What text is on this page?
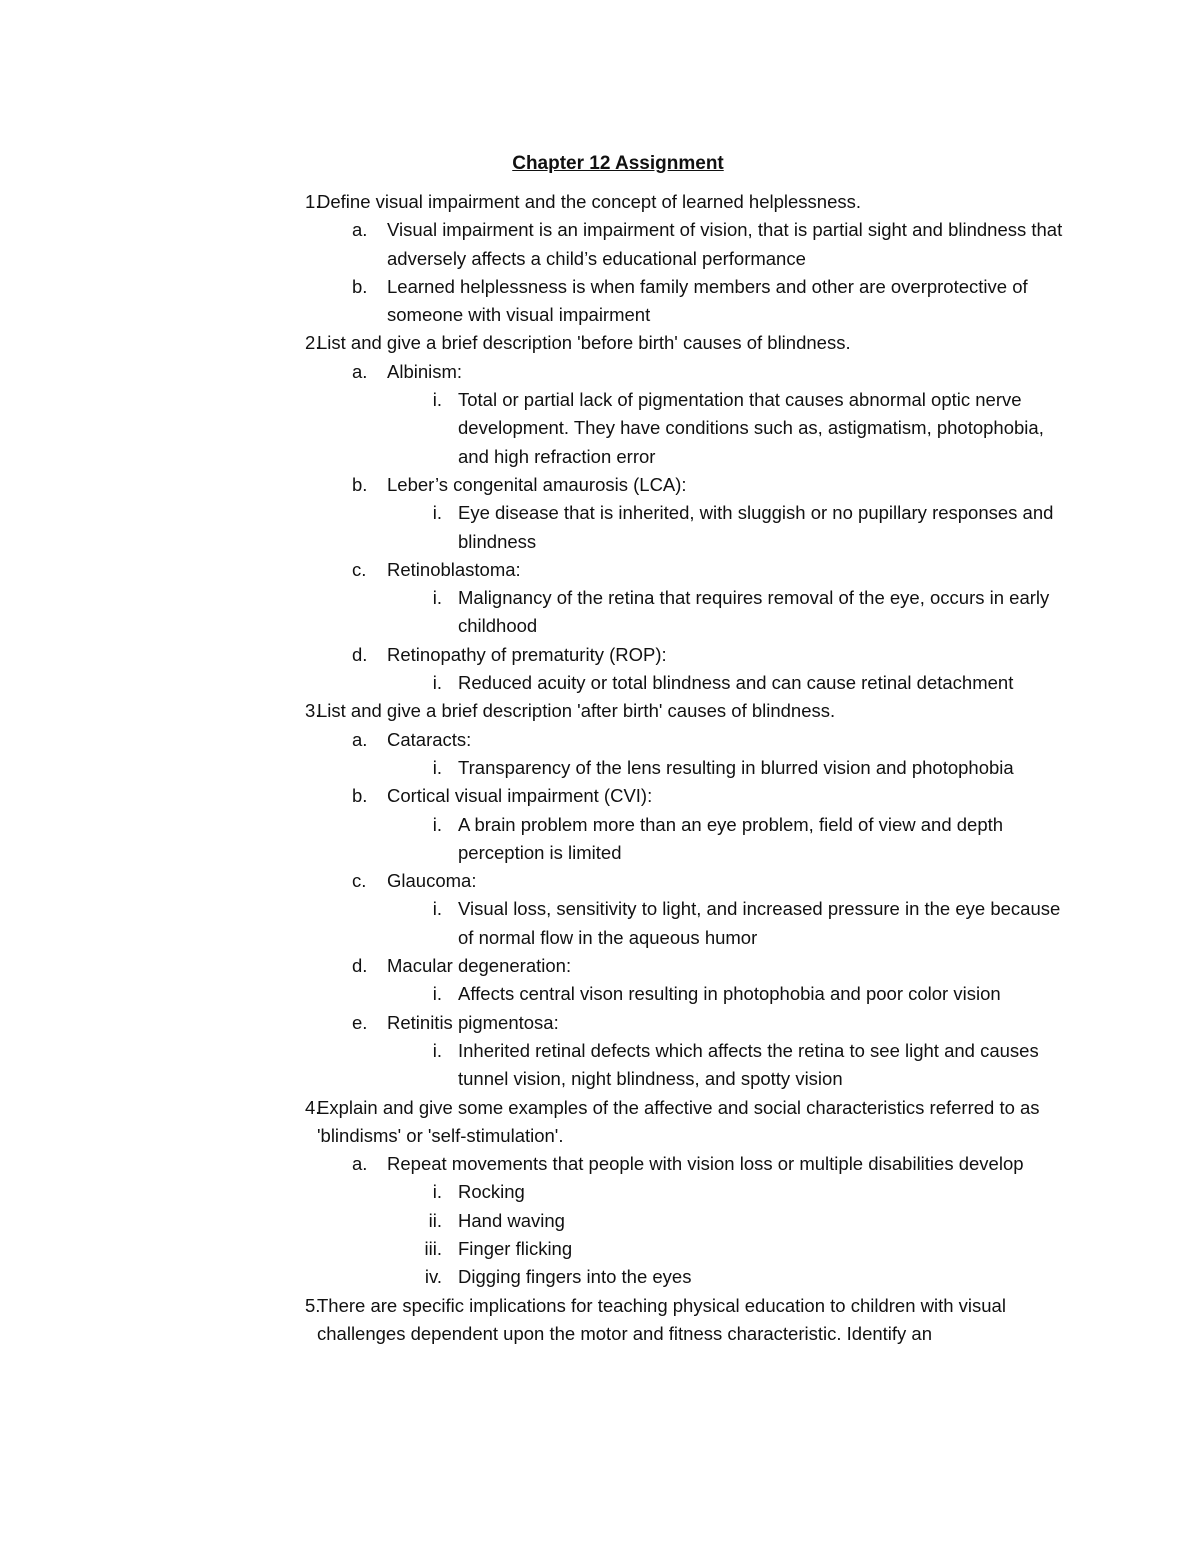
Chapter 12 Assignment
1.
Define visual impairment and the concept of learned helplessness.
a. Visual impairment is an impairment of vision, that is partial sight and blindness that adversely affects a child’s educational performance
b. Learned helplessness is when family members and other are overprotective of someone with visual impairment
2.
List and give a brief description 'before birth' causes of blindness.
a. Albinism:
i. Total or partial lack of pigmentation that causes abnormal optic nerve development. They have conditions such as, astigmatism, photophobia, and high refraction error
b. Leber’s congenital amaurosis (LCA):
i. Eye disease that is inherited, with sluggish or no pupillary responses and blindness
c. Retinoblastoma:
i. Malignancy of the retina that requires removal of the eye, occurs in early childhood
d. Retinopathy of prematurity (ROP):
i. Reduced acuity or total blindness and can cause retinal detachment
3.
List and give a brief description 'after birth' causes of blindness.
a. Cataracts:
i. Transparency of the lens resulting in blurred vision and photophobia
b. Cortical visual impairment (CVI):
i. A brain problem more than an eye problem, field of view and depth perception is limited
c. Glaucoma:
i. Visual loss, sensitivity to light, and increased pressure in the eye because of normal flow in the aqueous humor
d. Macular degeneration:
i. Affects central vison resulting in photophobia and poor color vision
e. Retinitis pigmentosa:
i. Inherited retinal defects which affects the retina to see light and causes tunnel vision, night blindness, and spotty vision
4.
Explain and give some examples of the affective and social characteristics referred to as 'blindisms' or 'self-stimulation'.
a. Repeat movements that people with vision loss or multiple disabilities develop
i. Rocking
ii. Hand waving
iii. Finger flicking
iv. Digging fingers into the eyes
5.
There are specific implications for teaching physical education to children with visual challenges dependent upon the motor and fitness characteristic. Identify an
